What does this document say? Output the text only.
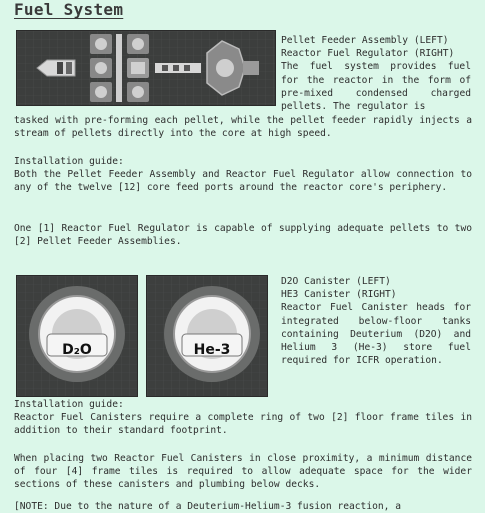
Fuel System
Pellet Feeder Assembly (LEFT)
Reactor Fuel Regulator (RIGHT)
The fuel system provides fuel for the reactor in the form of pre-mixed condensed charged pellets. The regulator is

tasked with pre-forming each pellet, while the pellet feeder rapidly injects a stream of pellets directly into the core at high speed.

Installation guide:

Both the Pellet Feeder Assembly and Reactor Fuel Regulator allow connection to any of the twelve [12] core feed ports around the reactor core's periphery.

One [1] Reactor Fuel Regulator is capable of supplying adequate pellets to two [2] Pellet Feeder Assemblies.

D₂O	He-3
D2O Canister (LEFT)
HE3 Canister (RIGHT)
Reactor Fuel Canister heads for integrated below-floor tanks containing Deuterium (D2O) and Helium 3 (He-3) store fuel required for ICFR operation.

Installation guide:

Reactor Fuel Canisters require a complete ring of two [2] floor frame tiles in addition to their standard footprint.

When placing two Reactor Fuel Canisters in close proximity, a minimum distance of four [4] frame tiles is required to allow adequate space for the wider sections of these canisters and plumbing below decks.

[NOTE: Due to the nature of a Deuterium-Helium-3 fusion reaction, a
